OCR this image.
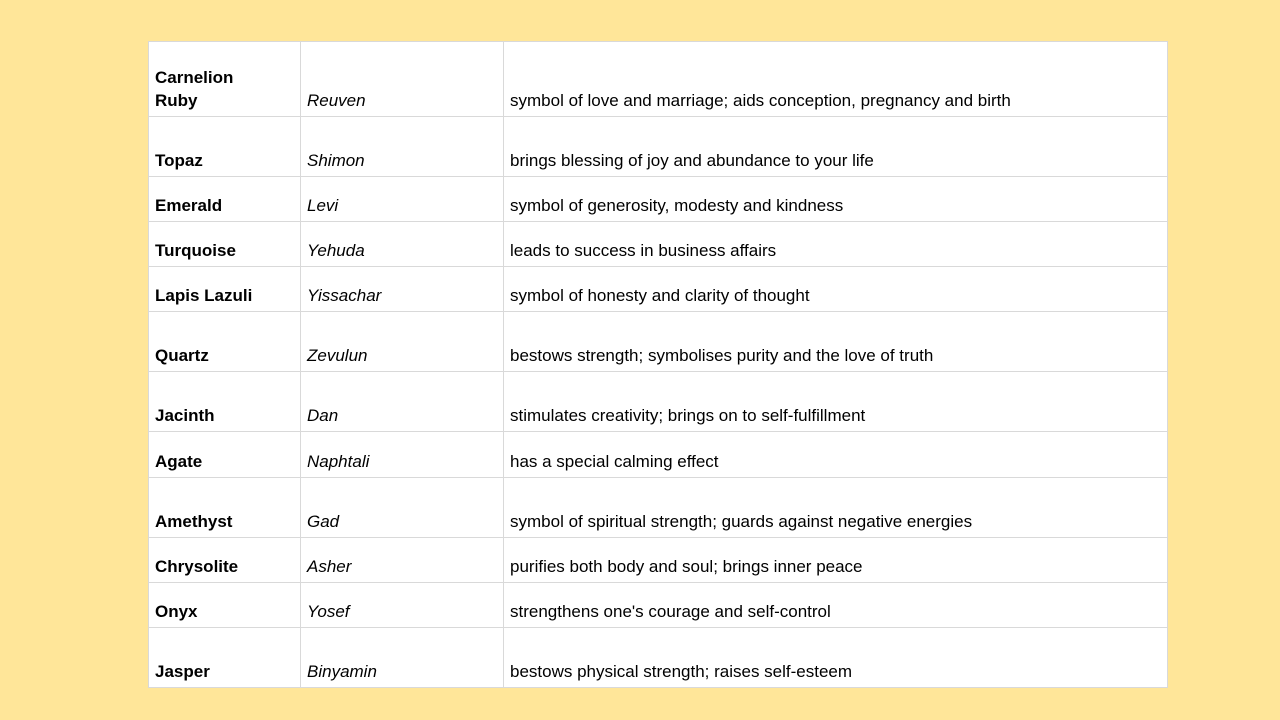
Carnelion
Ruby	Reuven	symbol of love and marriage; aids conception, pregnancy and birth

Topaz	Shimon	brings blessing of joy and abundance to your life

Emerald	Levi	symbol of generosity, modesty and kindness

Turquoise	Yehuda	leads to success in business affairs

Lapis Lazuli	Yissachar	symbol of honesty and clarity of thought

Quartz	Zevulun	bestows strength; symbolises purity and the love of truth

Jacinth	Dan	stimulates creativity; brings on to self-fulfillment

Agate	Naphtali	has a special calming effect

Amethyst	Gad	symbol of spiritual strength; guards against negative energies

Chrysolite	Asher	purifies both body and soul; brings inner peace

Onyx	Yosef	strengthens one's courage and self-control

Jasper	Binyamin	bestows physical strength; raises self-esteem
